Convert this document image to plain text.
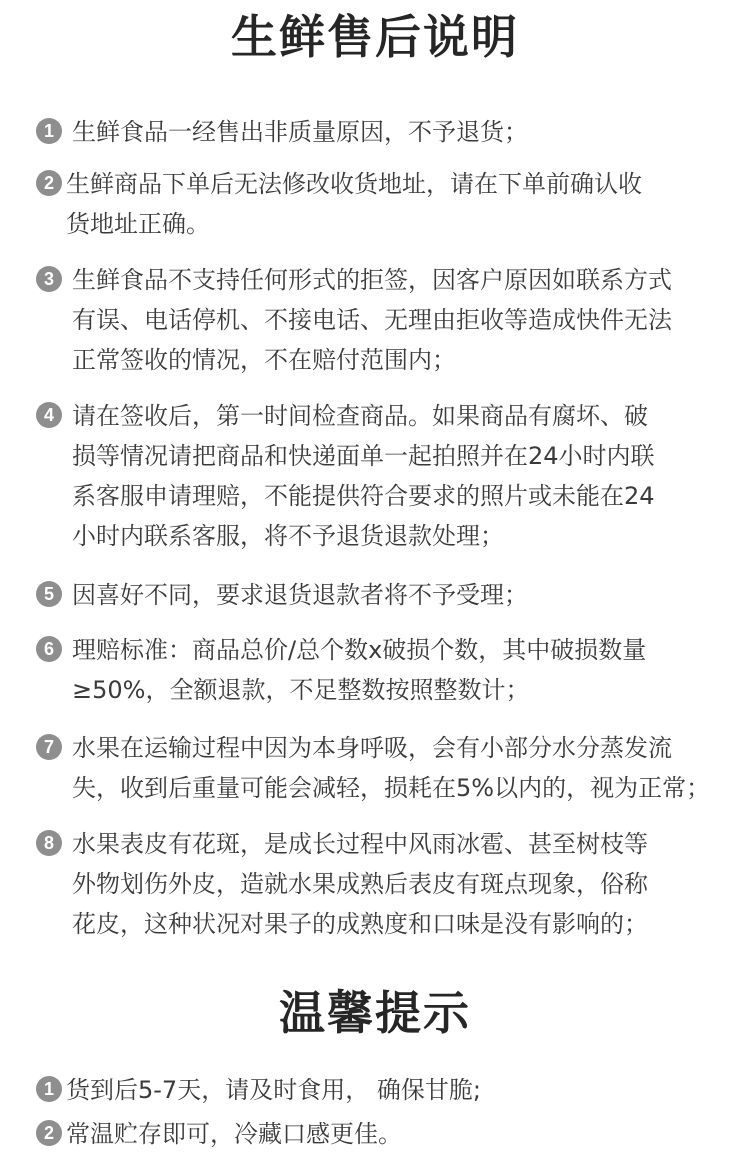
生鲜售后说明
1 生鲜食品一经售出非质量原因，不予退货；
2 生鲜商品下单后无法修改收货地址，请在下单前确认收
货地址正确。
3 生鲜食品不支持任何形式的拒签，因客户原因如联系方式
有误、电话停机、不接电话、无理由拒收等造成快件无法
正常签收的情况，不在赔付范围内；
4 请在签收后，第一时间检查商品。如果商品有腐坏、破
损等情况请把商品和快递面单一起拍照并在24小时内联
系客服申请理赔，不能提供符合要求的照片或未能在24
小时内联系客服，将不予退货退款处理；
5 因喜好不同，要求退货退款者将不予受理；
6 理赔标准：商品总价/总个数x破损个数，其中破损数量
≥50%，全额退款，不足整数按照整数计；
7 水果在运输过程中因为本身呼吸，会有小部分水分蒸发流
失，收到后重量可能会减轻，损耗在5%以内的，视为正常；
8 水果表皮有花斑，是成长过程中风雨冰雹、甚至树枝等
外物划伤外皮，造就水果成熟后表皮有斑点现象，俗称
花皮，这种状况对果子的成熟度和口味是没有影响的；
温馨提示
1 货到后5-7天，请及时食用， 确保甘脆;
2 常温贮存即可，冷藏口感更佳。
